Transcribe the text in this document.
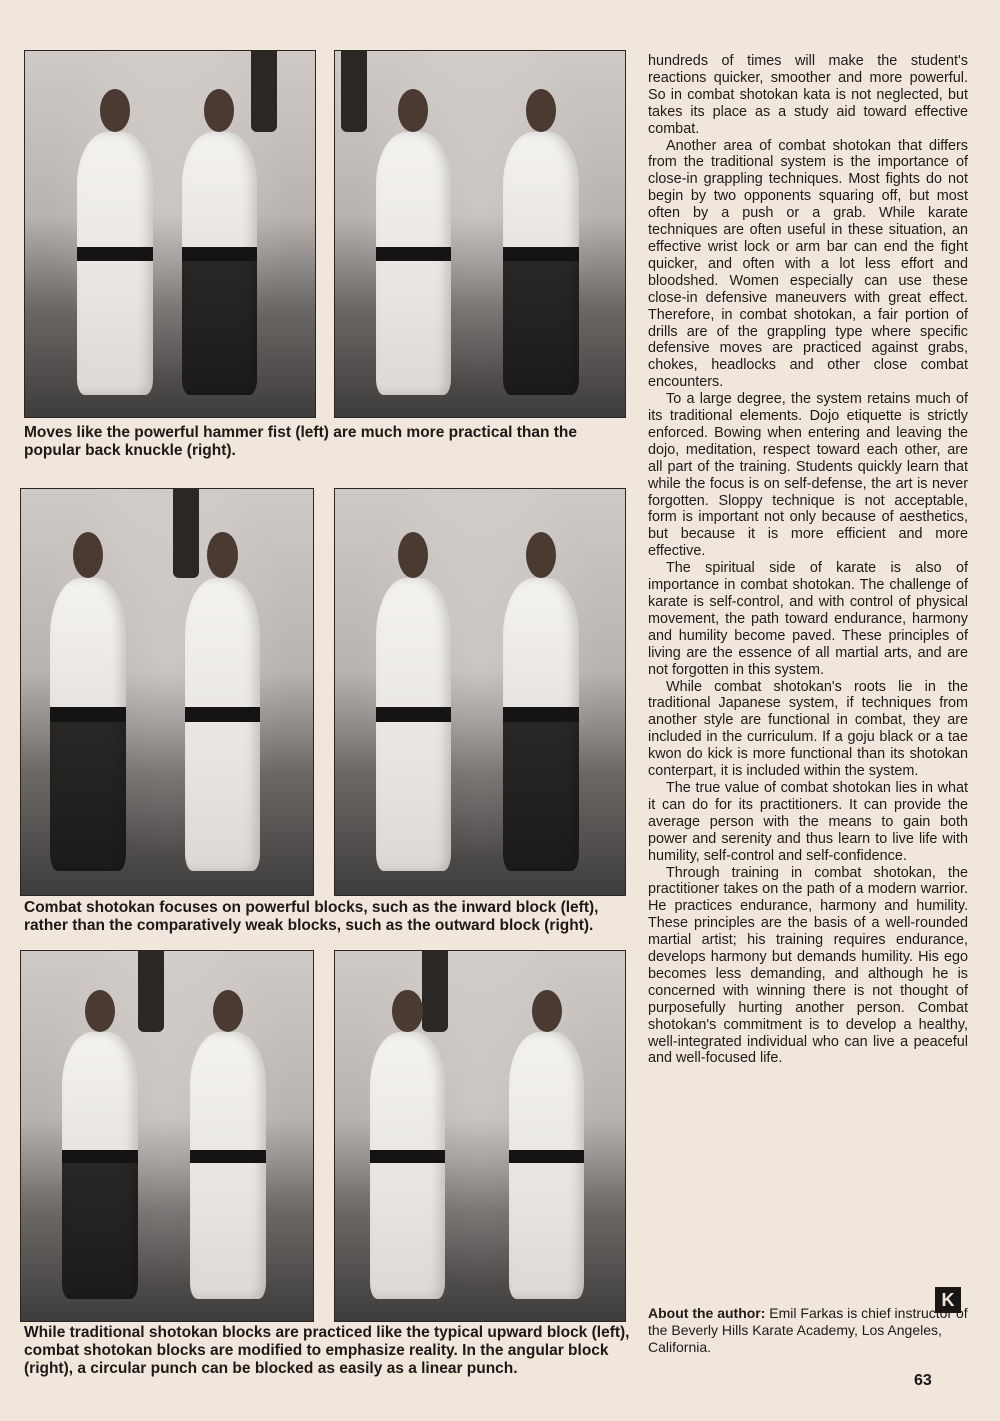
Moves like the powerful hammer fist (left) are much more practical than the popular back knuckle (right).

Combat shotokan focuses on powerful blocks, such as the inward block (left), rather than the comparatively weak blocks, such as the outward block (right).

While traditional shotokan blocks are practiced like the typical upward block (left), combat shotokan blocks are modified to emphasize reality. In the angular block (right), a circular punch can be blocked as easily as a linear punch.

hundreds of times will make the student's reactions quicker, smoother and more powerful. So in combat shotokan kata is not neglected, but takes its place as a study aid toward effective combat.

Another area of combat shotokan that differs from the traditional system is the importance of close-in grappling techniques. Most fights do not begin by two opponents squaring off, but most often by a push or a grab. While karate techniques are often useful in these situation, an effective wrist lock or arm bar can end the fight quicker, and often with a lot less effort and bloodshed. Women especially can use these close-in defensive maneuvers with great effect. Therefore, in combat shotokan, a fair portion of drills are of the grappling type where specific defensive moves are practiced against grabs, chokes, headlocks and other close combat encounters.

To a large degree, the system retains much of its traditional elements. Dojo etiquette is strictly enforced. Bowing when entering and leaving the dojo, meditation, respect toward each other, are all part of the training. Students quickly learn that while the focus is on self-defense, the art is never forgotten. Sloppy technique is not acceptable, form is important not only because of aesthetics, but because it is more efficient and more effective.

The spiritual side of karate is also of importance in combat shotokan. The challenge of karate is self-control, and with control of physical movement, the path toward endurance, harmony and humility become paved. These principles of living are the essence of all martial arts, and are not forgotten in this system.

While combat shotokan's roots lie in the traditional Japanese system, if techniques from another style are functional in combat, they are included in the curriculum. If a goju black or a tae kwon do kick is more functional than its shotokan conterpart, it is included within the system.

The true value of combat shotokan lies in what it can do for its practitioners. It can provide the average person with the means to gain both power and serenity and thus learn to live life with humility, self-control and self-confidence.

Through training in combat shotokan, the practitioner takes on the path of a modern warrior. He practices endurance, harmony and humility. These principles are the basis of a well-rounded martial artist; his training requires endurance, develops harmony but demands humility. His ego becomes less demanding, and although he is concerned with winning there is not thought of purposefully hurting another person. Combat shotokan's commitment is to develop a healthy, well-integrated individual who can live a peaceful and well-focused life.

K
About the author: Emil Farkas is chief instructor of the Beverly Hills Karate Academy, Los Angeles, California.
63
